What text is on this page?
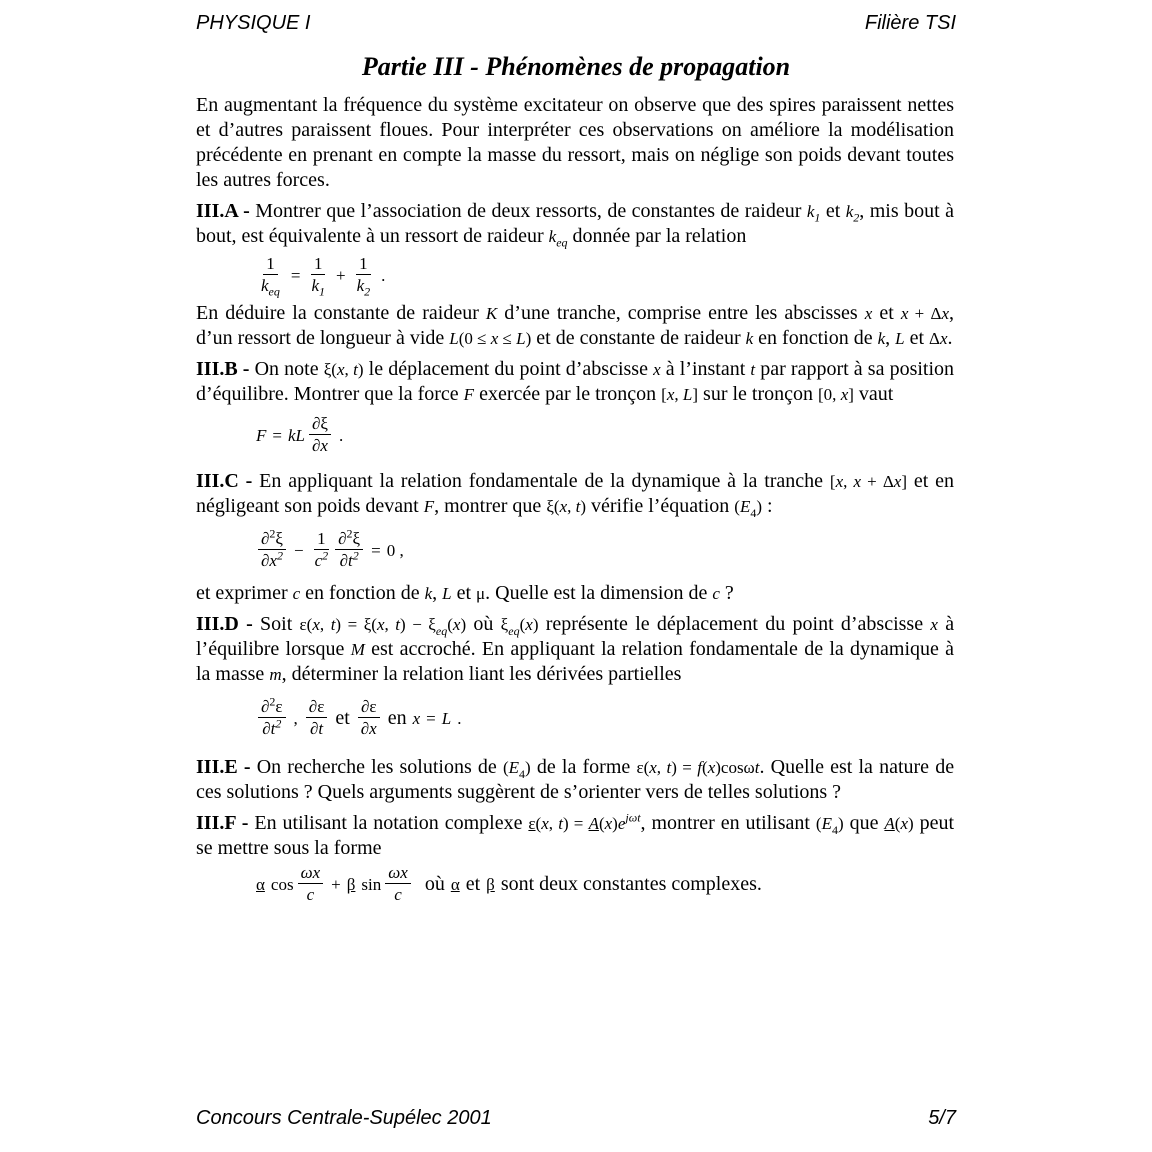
PHYSIQUE I	Filière TSI
Partie III - Phénomènes de propagation

En augmentant la fréquence du système excitateur on observe que des spires paraissent nettes et d’autres paraissent floues. Pour interpréter ces observations on améliore la modélisation précédente en prenant en compte la masse du ressort, mais on néglige son poids devant toutes les autres forces.

III.A - Montrer que l’association de deux ressorts, de constantes de raideur $k_1$ et $k_2$, mis bout à bout, est équivalente à un ressort de raideur $k_{eq}$ donnée par la relation

$\frac{1}{k_{eq}} = \frac{1}{k_1} + \frac{1}{k_2}$ .

En déduire la constante de raideur K d’une tranche, comprise entre les abscisses x et x + Δx, d’un ressort de longueur à vide L(0 ≤ x ≤ L) et de constante de raideur k en fonction de k, L et Δx.

III.B - On note ξ(x, t) le déplacement du point d’abscisse x à l’instant t par rapport à sa position d’équilibre. Montrer que la force F exercée par le tronçon [x, L] sur le tronçon [0, x] vaut

F = kL $\frac{\partial\xi}{\partial x}$ .

III.C - En appliquant la relation fondamentale de la dynamique à la tranche [x, x + Δx] et en négligeant son poids devant F, montrer que ξ(x, t) vérifie l’équation $(E_4)$ :

$\frac{\partial^2\xi}{\partial x^2} - \frac{1}{c^2} \frac{\partial^2\xi}{\partial t^2} = 0$ ,

et exprimer c en fonction de k, L et μ. Quelle est la dimension de c ?

III.D - Soit ε(x, t) = ξ(x, $t) - \xi_{eq}(x)$ où $\xi_{eq}(x)$ représente le déplacement du point d’abscisse x à l’équilibre lorsque M est accroché. En appliquant la relation fondamentale de la dynamique à la masse m, déterminer la relation liant les dérivées partielles

$\frac{\partial^2\varepsilon}{\partial t^2}$ , $\frac{\partial\varepsilon}{\partial t}$ et $\frac{\partial\varepsilon}{\partial x}$ en x = L .

III.E - On recherche les solutions de $(E_4)$ de la forme ε(x, t) = f(x)cosωt. Quelle est la nature de ces solutions ? Quels arguments suggèrent de s’orienter vers de telles solutions ?

III.F - En utilisant la notation complexe ε(x, $t) = A(x)e^{j\omega t}$, montrer en utilisant $(E_4)$ que A(x) peut se mettre sous la forme

α $\cos \frac{\omega x}{c} + \beta$ $\sin \frac{\omega x}{c}$ où α et β sont deux constantes complexes.
Concours Centrale-Supélec 2001	5/7
